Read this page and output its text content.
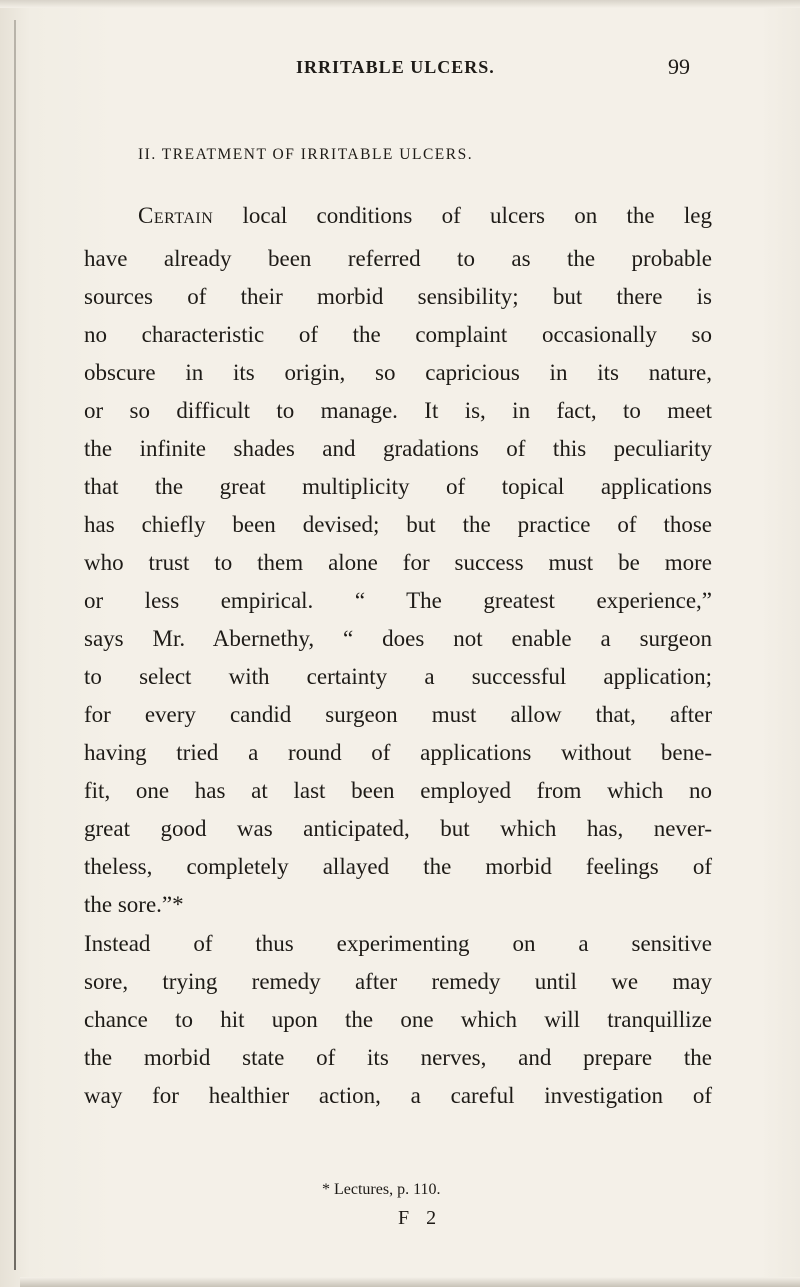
IRRITABLE ULCERS.	99
II. TREATMENT OF IRRITABLE ULCERS.
Certain local conditions of ulcers on the leg
have already been referred to as the probable
sources of their morbid sensibility; but there is
no characteristic of the complaint occasionally so
obscure in its origin, so capricious in its nature,
or so difficult to manage. It is, in fact, to meet
the infinite shades and gradations of this peculiarity
that the great multiplicity of topical applications
has chiefly been devised; but the practice of those
who trust to them alone for success must be more
or less empirical. “ The greatest experience,”
says Mr. Abernethy, “ does not enable a surgeon
to select with certainty a successful application;
for every candid surgeon must allow that, after
having tried a round of applications without bene-
fit, one has at last been employed from which no
great good was anticipated, but which has, never-
theless, completely allayed the morbid feelings of
the sore.”*
Instead of thus experimenting on a sensitive
sore, trying remedy after remedy until we may
chance to hit upon the one which will tranquillize
the morbid state of its nerves, and prepare the
way for healthier action, a careful investigation of
* Lectures, p. 110.
F 2
